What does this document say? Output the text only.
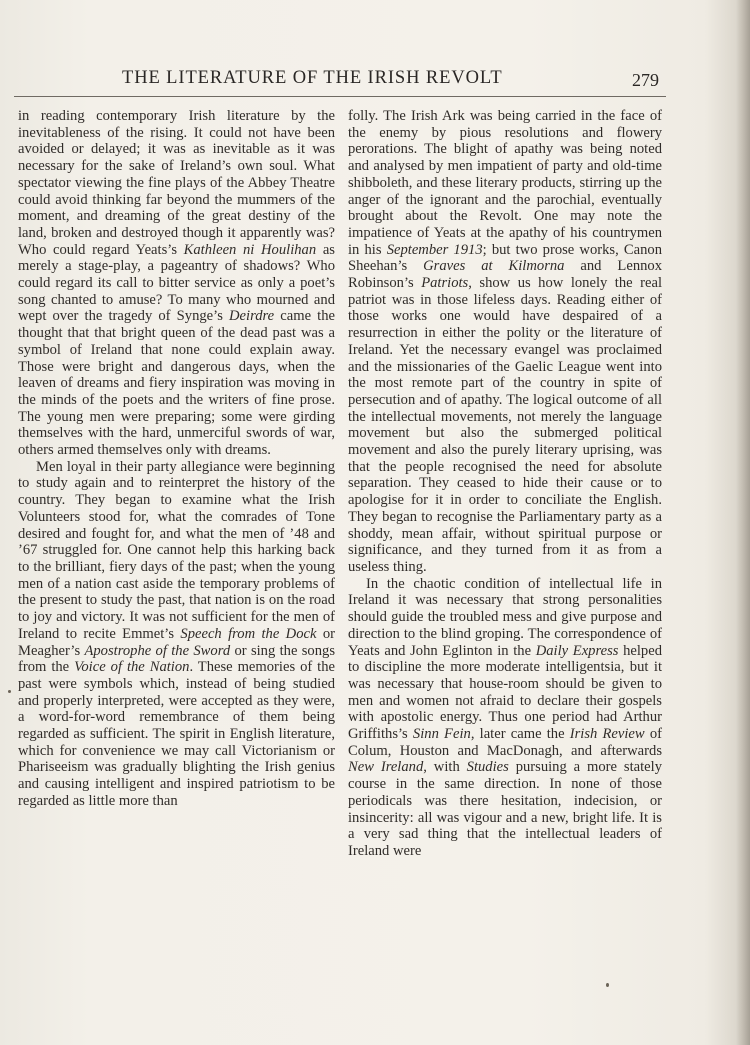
THE LITERATURE OF THE IRISH REVOLT	279

in reading contemporary Irish literature by the inevitableness of the rising. It could not have been avoided or delayed; it was as inevitable as it was necessary for the sake of Ireland’s own soul. What spectator viewing the fine plays of the Abbey Theatre could avoid thinking far beyond the mummers of the moment, and dreaming of the great destiny of the land, broken and destroyed though it apparently was? Who could regard Yeats’s Kathleen ni Houlihan as merely a stage-play, a pageantry of shadows? Who could regard its call to bitter service as only a poet’s song chanted to amuse? To many who mourned and wept over the tragedy of Synge’s Deirdre came the thought that that bright queen of the dead past was a symbol of Ireland that none could explain away. Those were bright and dangerous days, when the leaven of dreams and fiery inspiration was moving in the minds of the poets and the writers of fine prose. The young men were preparing; some were girding themselves with the hard, unmerciful swords of war, others armed themselves only with dreams.

Men loyal in their party allegiance were beginning to study again and to reinterpret the history of the country. They began to examine what the Irish Volunteers stood for, what the comrades of Tone desired and fought for, and what the men of ’48 and ’67 struggled for. One cannot help this harking back to the brilliant, fiery days of the past; when the young men of a nation cast aside the temporary problems of the present to study the past, that nation is on the road to joy and victory. It was not sufficient for the men of Ireland to recite Emmet’s Speech from the Dock or Meagher’s Apostrophe of the Sword or sing the songs from the Voice of the Nation. These memories of the past were symbols which, instead of being studied and properly interpreted, were accepted as they were, a word-for-word remembrance of them being regarded as sufficient. The spirit in English literature, which for convenience we may call Victorianism or Phariseeism was gradually blighting the Irish genius and causing intelligent and inspired patriotism to be regarded as little more than

folly. The Irish Ark was being carried in the face of the enemy by pious resolutions and flowery perorations. The blight of apathy was being noted and analysed by men impatient of party and old-time shibboleth, and these literary products, stirring up the anger of the ignorant and the parochial, eventually brought about the Revolt. One may note the impatience of Yeats at the apathy of his countrymen in his September 1913; but two prose works, Canon Sheehan’s Graves at Kilmorna and Lennox Robinson’s Patriots, show us how lonely the real patriot was in those lifeless days. Reading either of those works one would have despaired of a resurrection in either the polity or the literature of Ireland. Yet the necessary evangel was proclaimed and the missionaries of the Gaelic League went into the most remote part of the country in spite of persecution and of apathy. The logical outcome of all the intellectual movements, not merely the language movement but also the submerged political movement and also the purely literary uprising, was that the people recognised the need for absolute separation. They ceased to hide their cause or to apologise for it in order to conciliate the English. They began to recognise the Parliamentary party as a shoddy, mean affair, without spiritual purpose or significance, and they turned from it as from a useless thing.

In the chaotic condition of intellectual life in Ireland it was necessary that strong personalities should guide the troubled mess and give purpose and direction to the blind groping. The correspondence of Yeats and John Eglinton in the Daily Express helped to discipline the more moderate intelligentsia, but it was necessary that house-room should be given to men and women not afraid to declare their gospels with apostolic energy. Thus one period had Arthur Griffiths’s Sinn Fein, later came the Irish Review of Colum, Houston and MacDonagh, and afterwards New Ireland, with Studies pursuing a more stately course in the same direction. In none of those periodicals was there hesitation, indecision, or insincerity: all was vigour and a new, bright life. It is a very sad thing that the intellectual leaders of Ireland were
